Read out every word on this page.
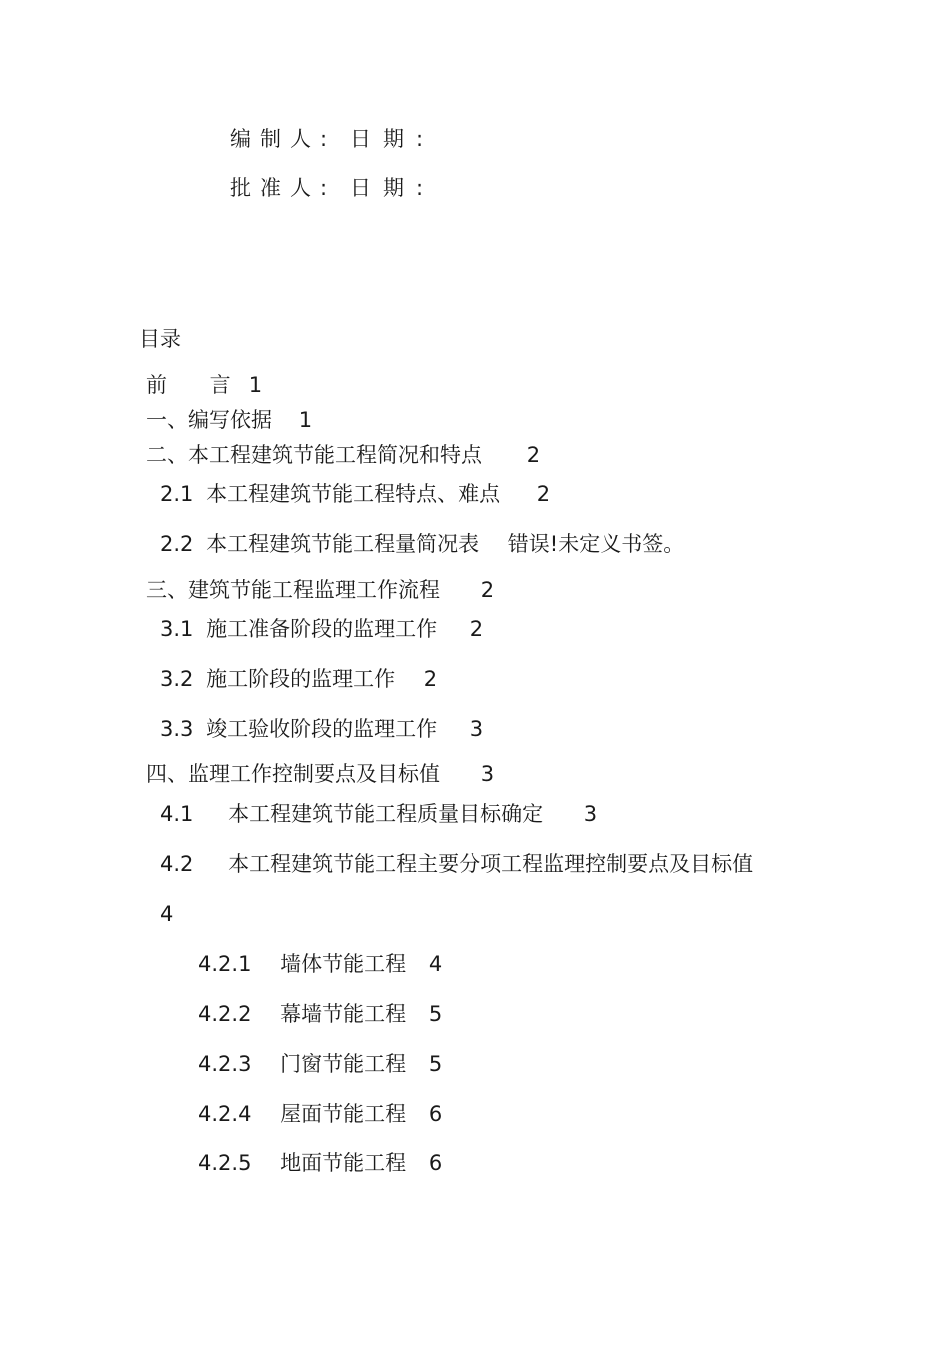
编制人: 日期:
批准人: 日期:
目录
前 言1
一、编写依据 1
二、本工程建筑节能工程简况和特点 2
2.1 本工程建筑节能工程特点、难点 2
2.2 本工程建筑节能工程量简况表 错误!未定义书签。
三、建筑节能工程监理工作流程 2
3.1 施工准备阶段的监理工作 2
3.2 施工阶段的监理工作 2
3.3 竣工验收阶段的监理工作 3
四、监理工作控制要点及目标值 3
4.1 本工程建筑节能工程质量目标确定 3
4.2 本工程建筑节能工程主要分项工程监理控制要点及目标值
4
4.2.1 墙体节能工程 4
4.2.2 幕墙节能工程 5
4.2.3 门窗节能工程 5
4.2.4 屋面节能工程 6
4.2.5 地面节能工程 6
